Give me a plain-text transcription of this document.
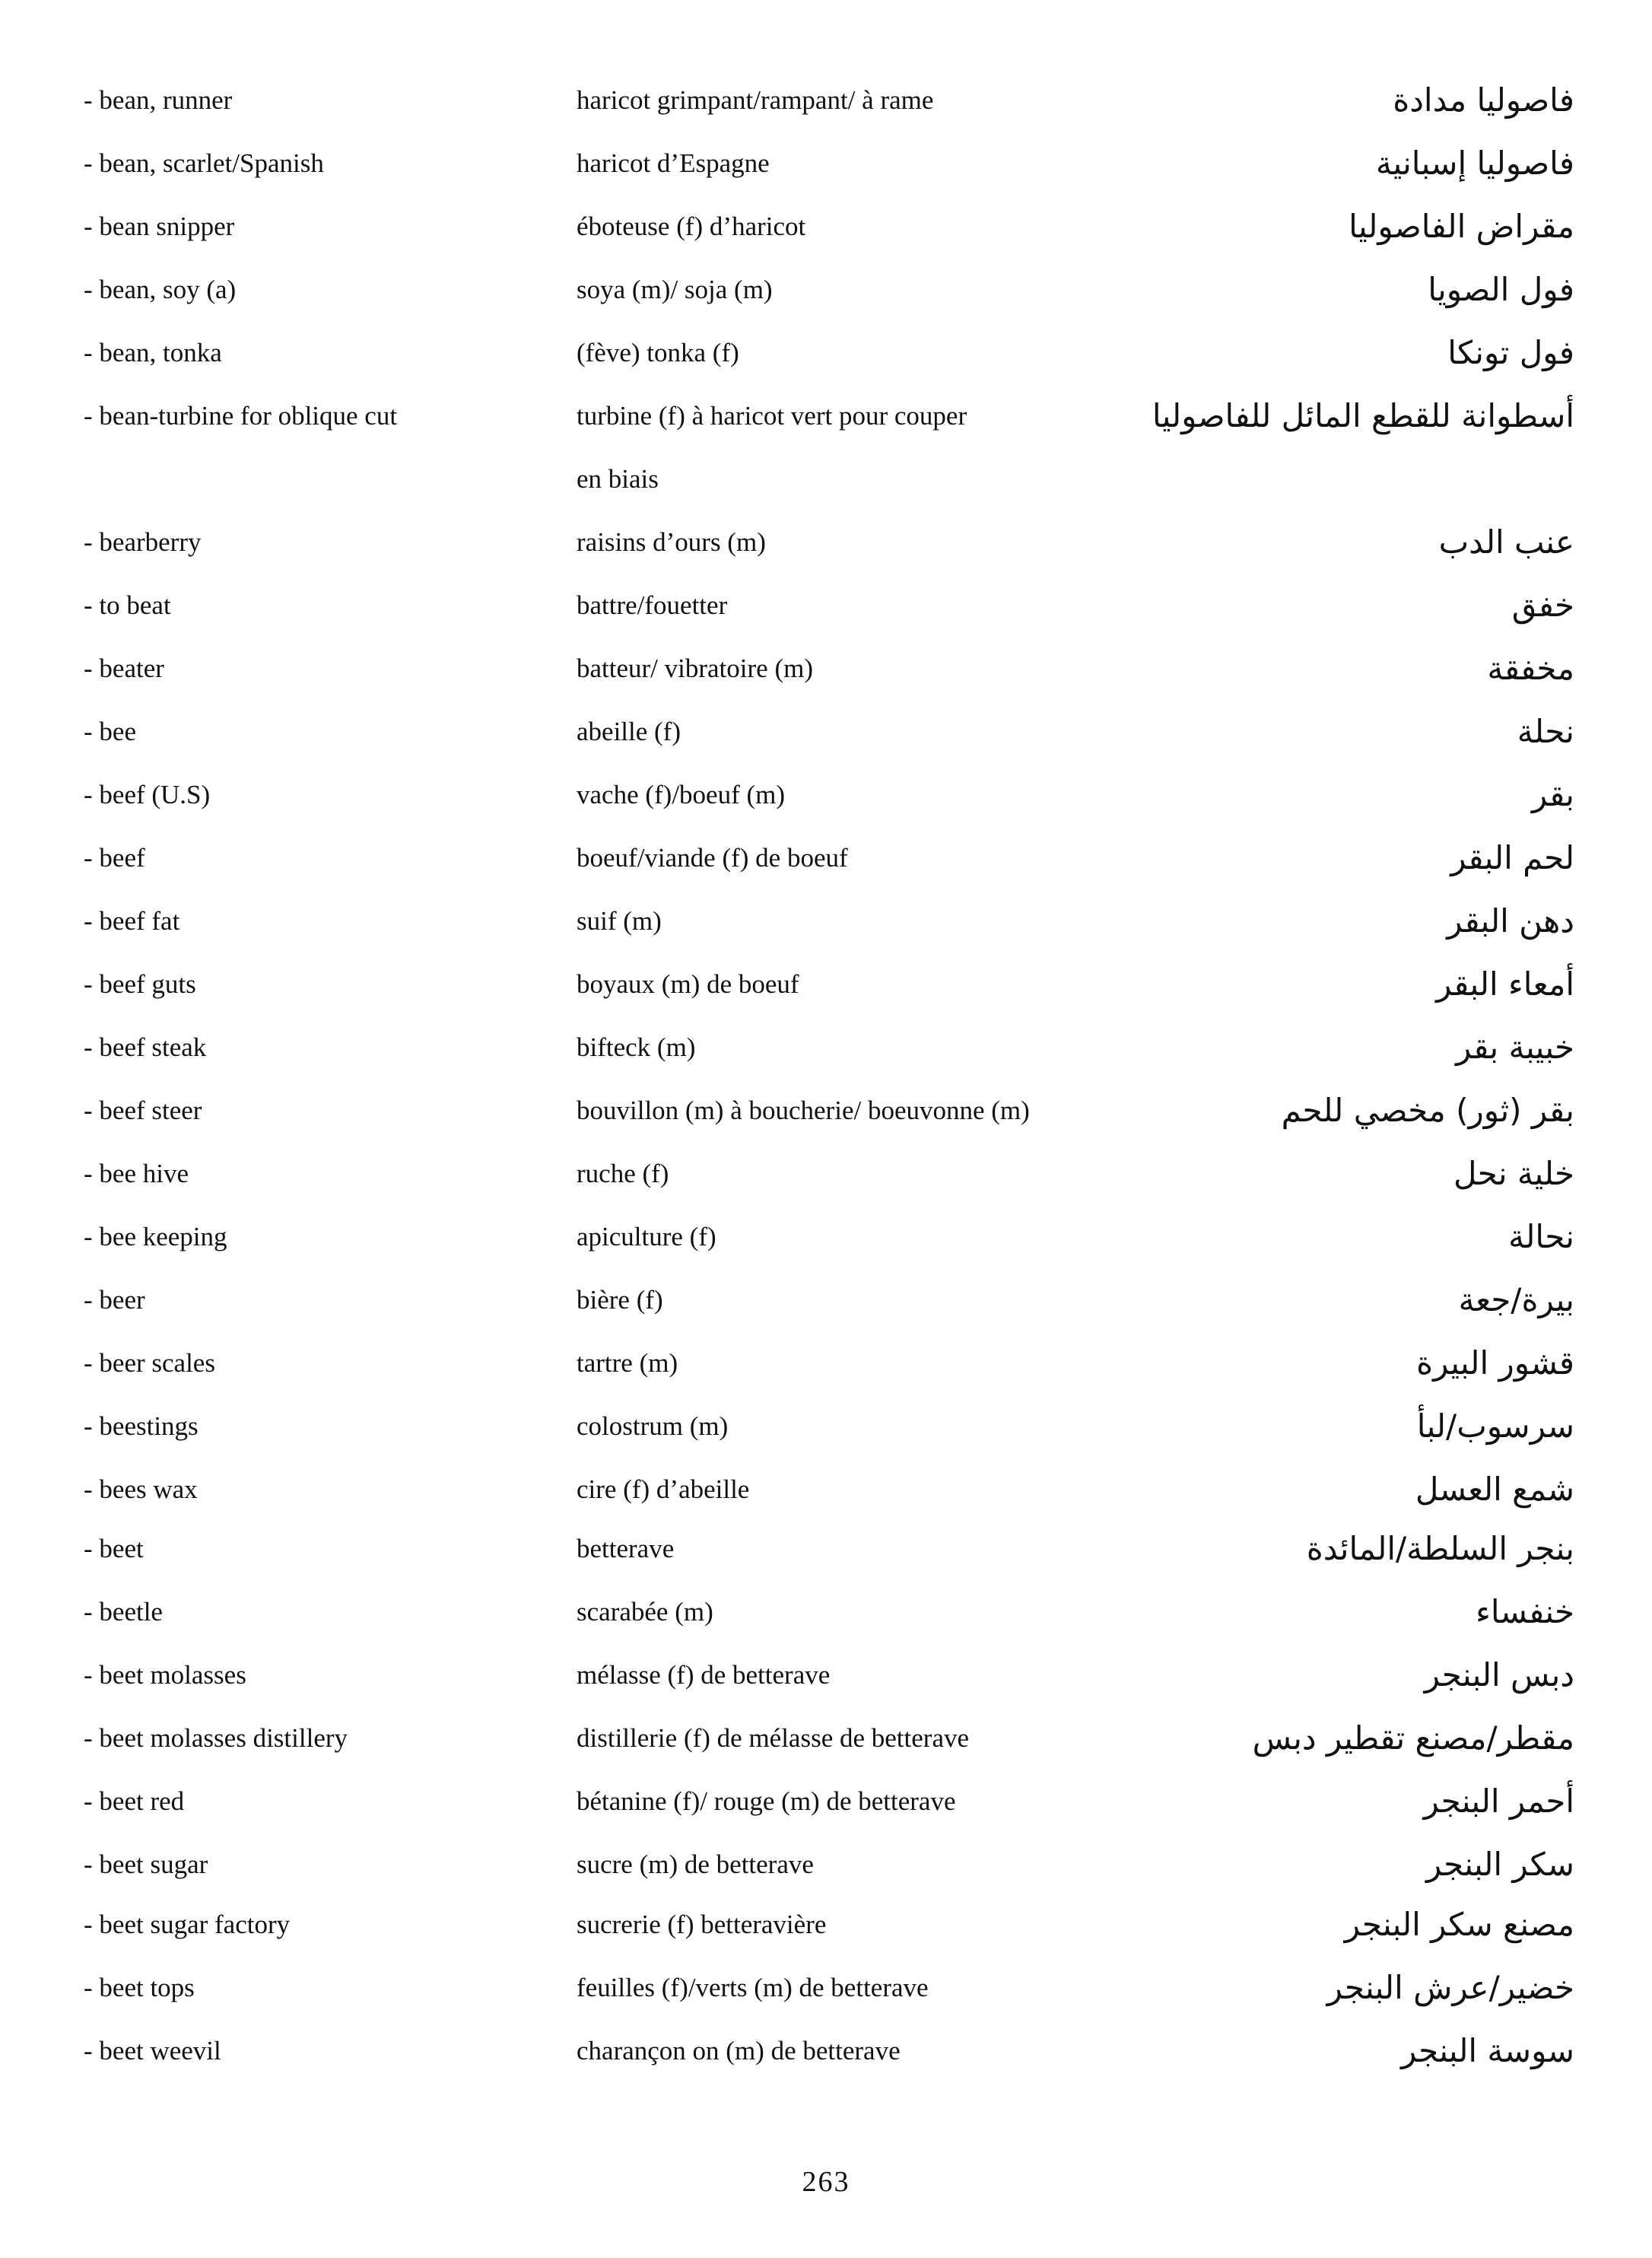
- bean, runner	haricot grimpant/rampant/ à rame	فاصوليا مدادة
- bean, scarlet/Spanish	haricot d’Espagne	فاصوليا إسبانية
- bean snipper	éboteuse (f) d’haricot	مقراض الفاصوليا
- bean, soy (a)	soya (m)/ soja (m)	فول الصويا
- bean, tonka	(fève) tonka (f)	فول تونكا
- bean-turbine for oblique cut	turbine (f) à haricot vert pour couper	أسطوانة للقطع المائل للفاصوليا
en biais
- bearberry	raisins d’ours (m)	عنب الدب
- to beat	battre/fouetter	خفق
- beater	batteur/ vibratoire (m)	مخفقة
- bee	abeille (f)	نحلة
- beef (U.S)	vache (f)/boeuf (m)	بقر
- beef	boeuf/viande (f) de boeuf	لحم البقر
- beef fat	suif (m)	دهن البقر
- beef guts	boyaux (m) de boeuf	أمعاء البقر
- beef steak	bifteck (m)	خبيبة بقر
- beef steer	bouvillon (m) à boucherie/ boeuvonne (m)	بقر (ثور) مخصي للحم
- bee hive	ruche (f)	خلية نحل
- bee keeping	apiculture (f)	نحالة
- beer	bière (f)	بيرة/جعة
- beer scales	tartre (m)	قشور البيرة
- beestings	colostrum (m)	سرسوب/لبأ
- bees wax	cire (f) d’abeille	شمع العسل
- beet	betterave	بنجر السلطة/المائدة
- beetle	scarabée (m)	خنفساء
- beet molasses	mélasse (f) de betterave	دبس البنجر
- beet molasses distillery	distillerie (f) de mélasse de betterave	مقطر/مصنع تقطير دبس
- beet red	bétanine (f)/ rouge (m) de betterave	أحمر البنجر
- beet sugar	sucre (m) de betterave	سكر البنجر
- beet sugar factory	sucrerie (f) betteravière	مصنع سكر البنجر
- beet tops	feuilles (f)/verts (m) de betterave	خضير/عرش البنجر
- beet weevil	charançon on (m) de betterave	سوسة البنجر
263
